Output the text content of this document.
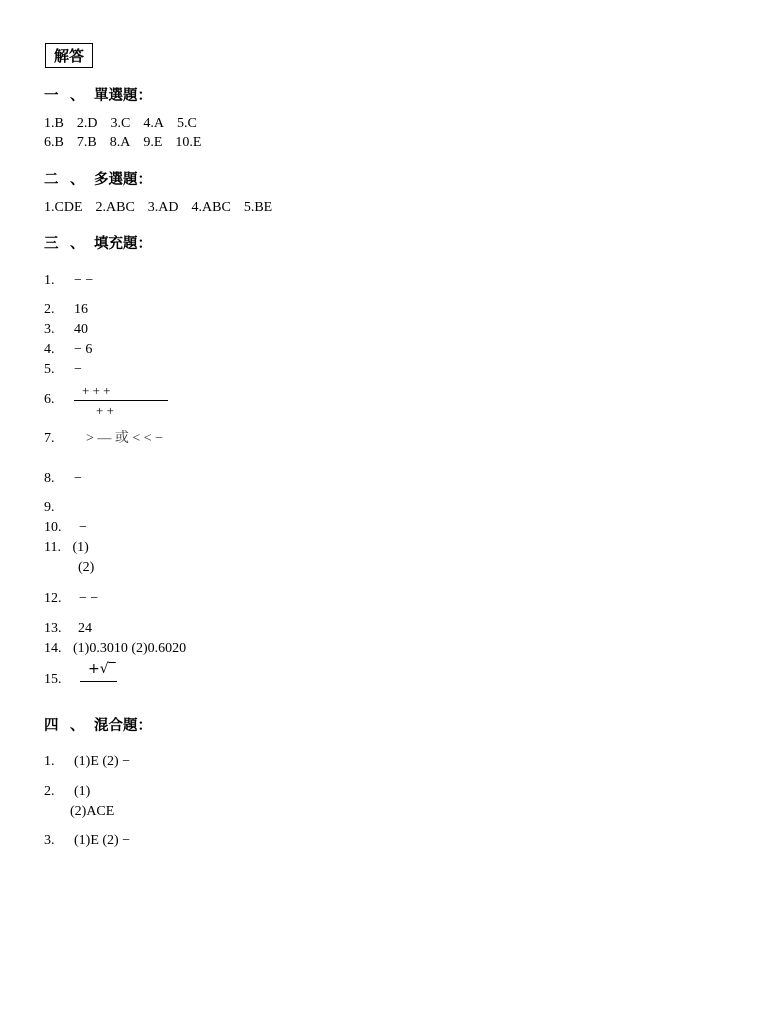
解答
一 、 單選題：
1.B 2.D 3.C 4.A 5.C
6.B 7.B 8.A 9.E 10.E
二 、 多選題：
1.CDE 2.ABC 3.AD 4.ABC 5.BE
三 、 填充題：
1. − −
2. 16
3. 40
4. − 6
5. −
6.
+ + +
+ +
7. > — 或 < < −
8. −
9.
10. −
11. (1)
(2)
12. − −
13. 24
14. (1)0.3010 (2)0.6020
15.
+√‾
四 、 混合題：
1. (1)E (2) −
2. (1)
(2)ACE
3. (1)E (2) −
